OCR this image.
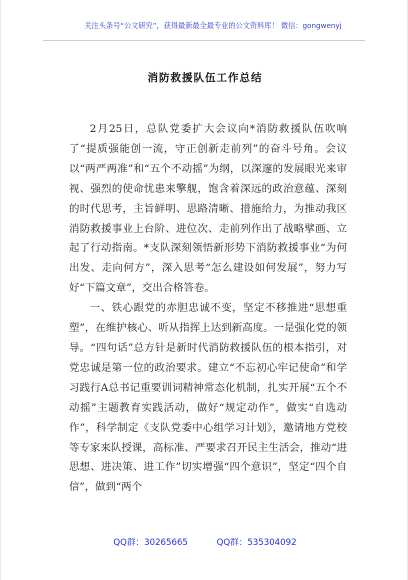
关注头条号“公文研究”，获得最新最全最专业的公文资料库！ 微信：gongwenyj
消防救援队伍工作总结

2月25日，总队党委扩大会议向*消防救援队伍吹响了“提质强能创一流，守正创新走前列”的奋斗号角。会议以“两严两准”和“五个不动摇”为纲，以深邃的发展眼光来审视、强烈的使命忧患来擎舰，饱含着深远的政治意蕴、深刻的时代思考，主旨鲜明、思路清晰、措施给力，为推动我区消防救援事业上台阶、进位次、走前列作出了战略擘画、立起了行动指南。*支队深刻领悟新形势下消防救援事业“为何出发、走向何方”，深入思考“怎么建设如何发展”，努力写好“下篇文章”，交出合格答卷。

一、铁心跟党的赤胆忠诚不变，坚定不移推进“思想重塑”，在维护核心、听从指挥上达到新高度。一是强化党的领导。“四句话”总方针是新时代消防救援队伍的根本指引，对党忠诚是第一位的政治要求。建立“不忘初心牢记使命”和学习践行A总书记重要训词精神常态化机制，扎实开展“五个不动摇”主题教育实践活动，做好“规定动作”，做实“自选动作”，科学制定《支队党委中心组学习计划》，邀请地方党校等专家来队授课，高标准、严要求召开民主生活会，推动“进思想、进决策、进工作”切实增强“四个意识”，坚定“四个自信”，做到“两个

QQ群：30265665	QQ群：535304092
